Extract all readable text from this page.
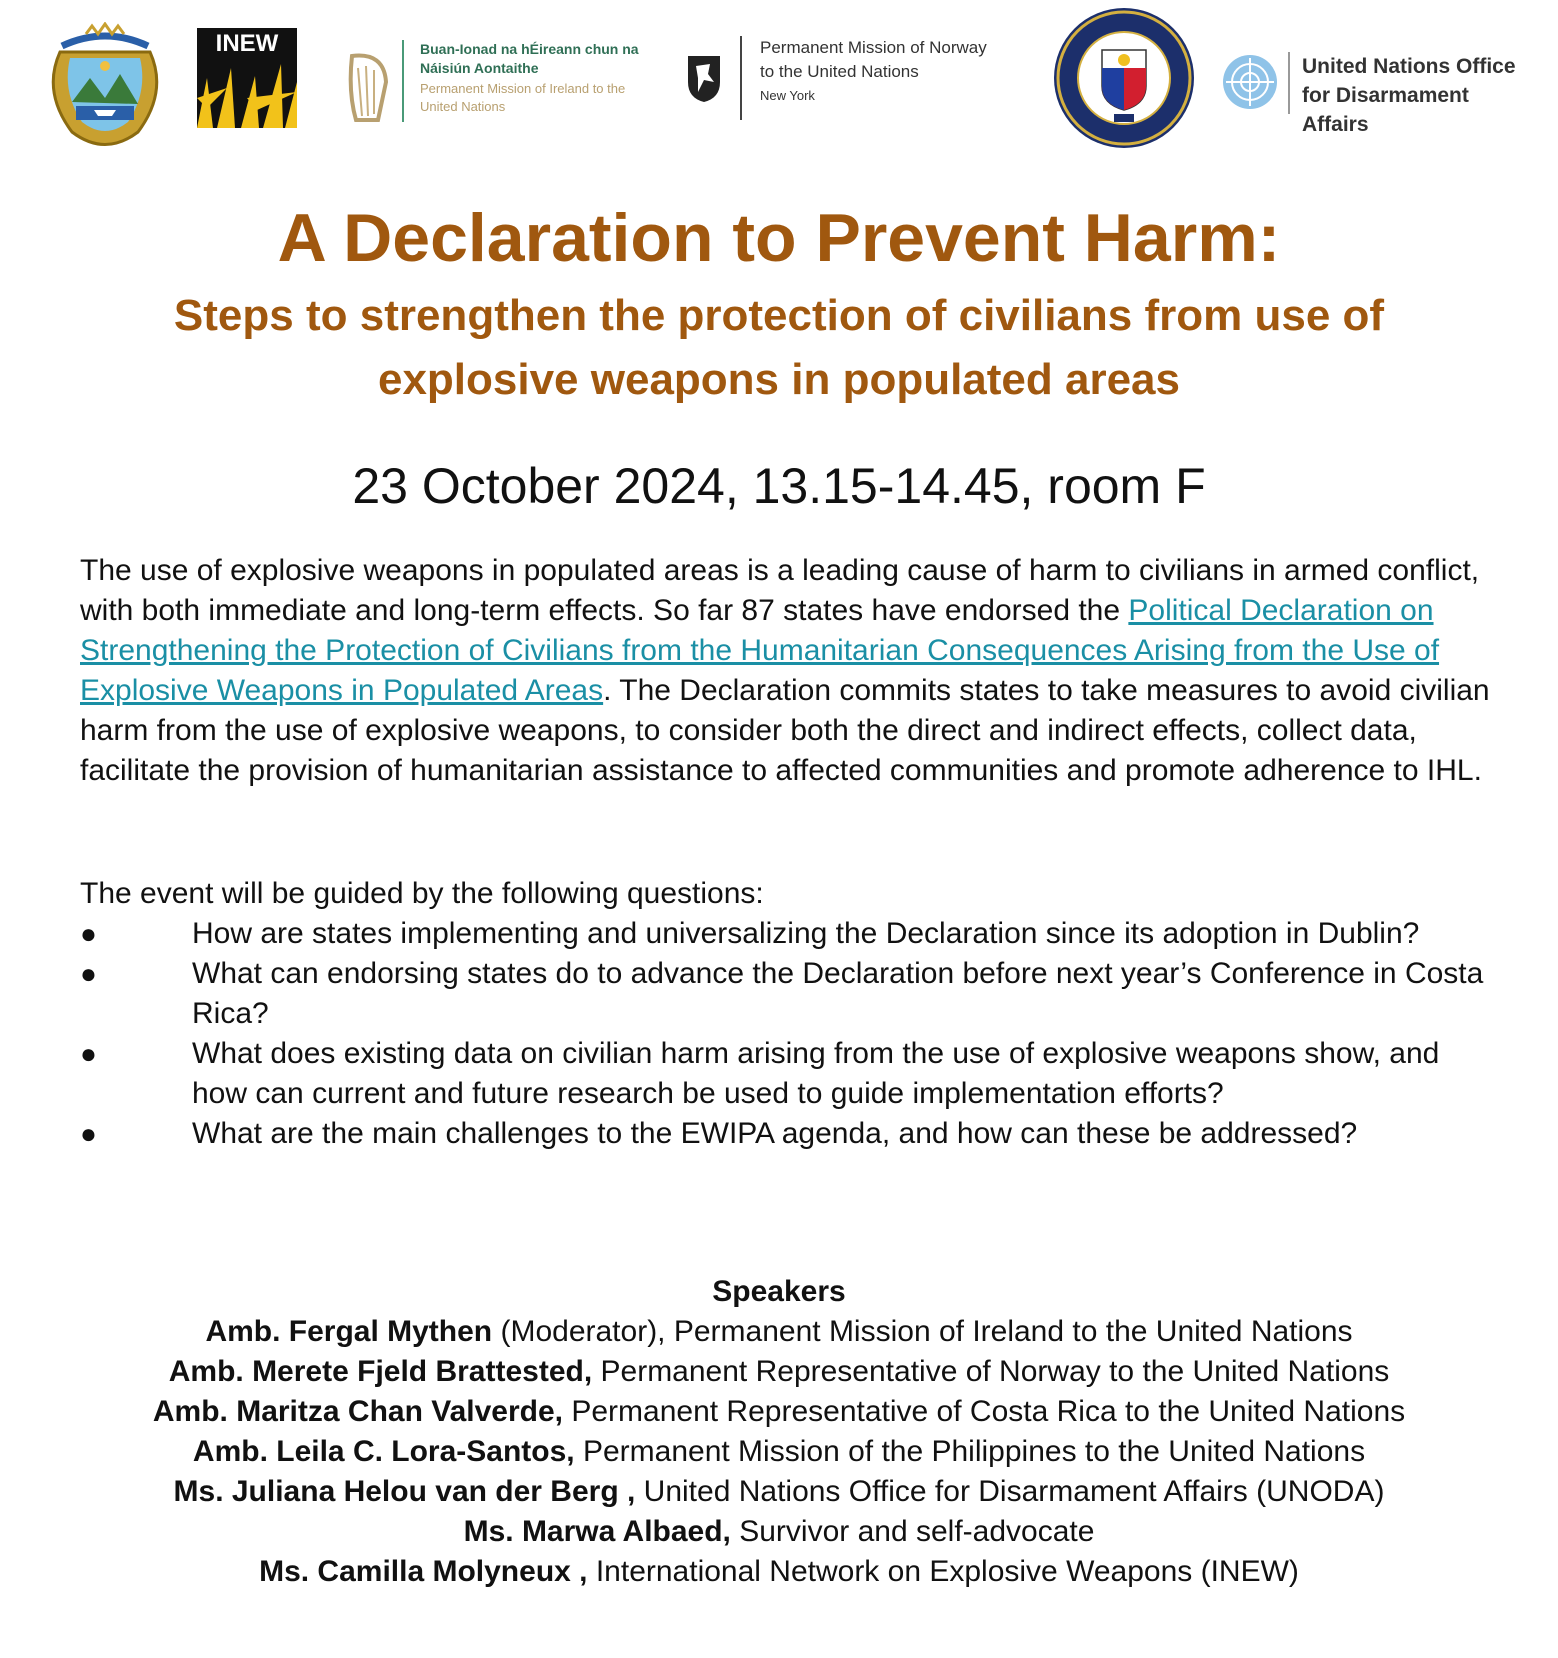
INEW	Buan-Ionad na hÉireann chun na Náisiún Aontaithe
Permanent Mission of Ireland to the United Nations
Permanent Mission of Norway
to the United Nations
New York
United Nations Office
for Disarmament Affairs
A Declaration to Prevent Harm:
Steps to strengthen the protection of civilians from use of explosive weapons in populated areas
23 October 2024, 13.15-14.45, room F

The use of explosive weapons in populated areas is a leading cause of harm to civilians in armed conflict, with both immediate and long-term effects. So far 87 states have endorsed the Political Declaration on Strengthening the Protection of Civilians from the Humanitarian Consequences Arising from the Use of Explosive Weapons in Populated Areas. The Declaration commits states to take measures to avoid civilian harm from the use of explosive weapons, to consider both the direct and indirect effects, collect data, facilitate the provision of humanitarian assistance to affected communities and promote adherence to IHL.

The event will be guided by the following questions:

●	How are states implementing and universalizing the Declaration since its adoption in Dublin?
●	What can endorsing states do to advance the Declaration before next year’s Conference in Costa Rica?
●	What does existing data on civilian harm arising from the use of explosive weapons show, and how can current and future research be used to guide implementation efforts?
●	What are the main challenges to the EWIPA agenda, and how can these be addressed?
Speakers
Amb. Fergal Mythen (Moderator), Permanent Mission of Ireland to the United Nations
Amb. Merete Fjeld Brattested, Permanent Representative of Norway to the United Nations
Amb. Maritza Chan Valverde, Permanent Representative of Costa Rica to the United Nations
Amb. Leila C. Lora-Santos, Permanent Mission of the Philippines to the United Nations
Ms. Juliana Helou van der Berg , United Nations Office for Disarmament Affairs (UNODA)
Ms. Marwa Albaed, Survivor and self-advocate
Ms. Camilla Molyneux , International Network on Explosive Weapons (INEW)
